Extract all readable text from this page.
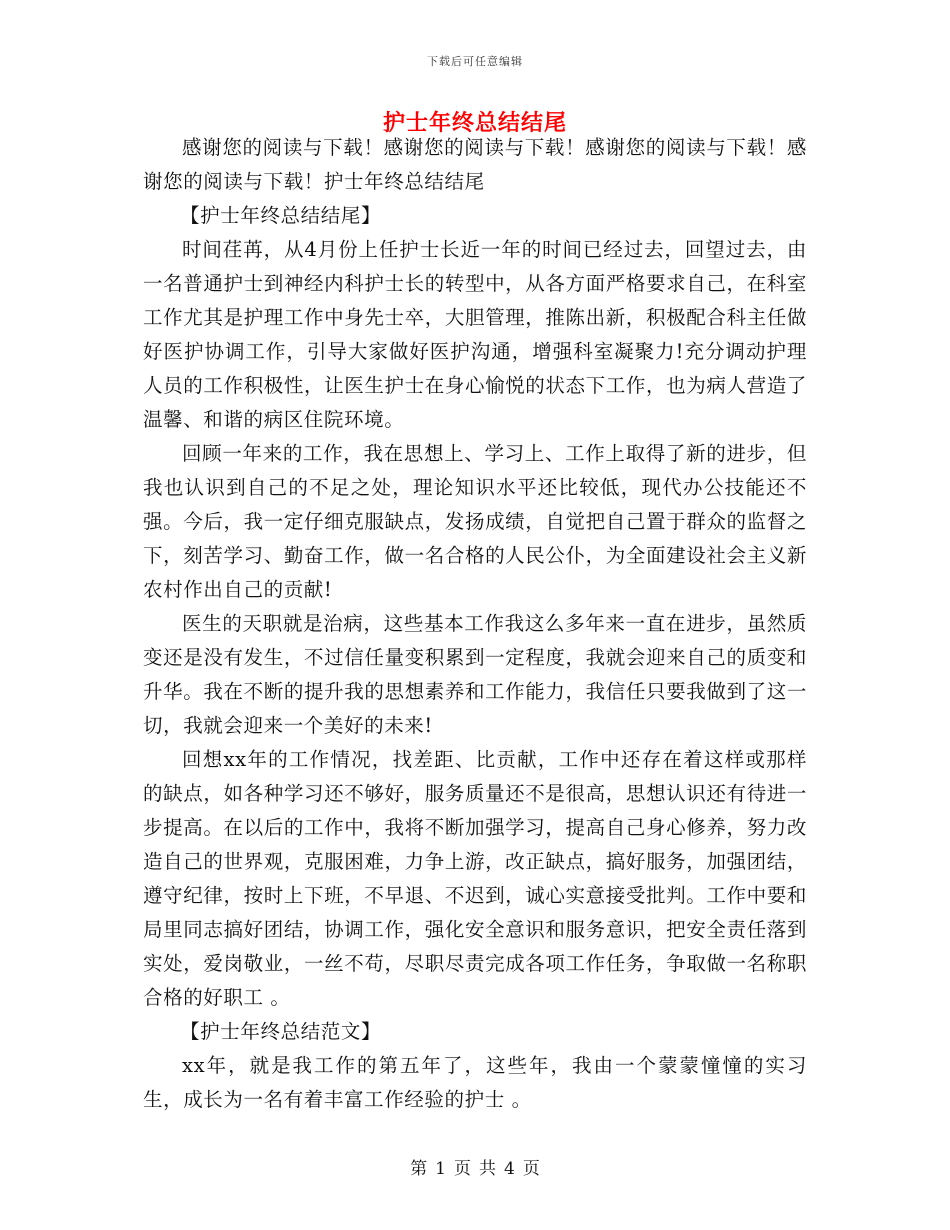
下载后可任意编辑
护士年终总结结尾

感谢您的阅读与下载！感谢您的阅读与下载！感谢您的阅读与下载！感谢您的阅读与下载！护士年终总结结尾

【护士年终总结结尾】

时间荏苒，从4月份上任护士长近一年的时间已经过去，回望过去，由一名普通护士到神经内科护士长的转型中，从各方面严格要求自己，在科室工作尤其是护理工作中身先士卒，大胆管理，推陈出新，积极配合科主任做好医护协调工作，引导大家做好医护沟通，增强科室凝聚力!充分调动护理人员的工作积极性，让医生护士在身心愉悦的状态下工作，也为病人营造了温馨、和谐的病区住院环境。

回顾一年来的工作，我在思想上、学习上、工作上取得了新的进步，但我也认识到自己的不足之处，理论知识水平还比较低，现代办公技能还不强。今后，我一定仔细克服缺点，发扬成绩，自觉把自己置于群众的监督之下，刻苦学习、勤奋工作，做一名合格的人民公仆，为全面建设社会主义新农村作出自己的贡献!

医生的天职就是治病，这些基本工作我这么多年来一直在进步，虽然质变还是没有发生，不过信任量变积累到一定程度，我就会迎来自己的质变和升华。我在不断的提升我的思想素养和工作能力，我信任只要我做到了这一切，我就会迎来一个美好的未来!

回想xx年的工作情况，找差距、比贡献，工作中还存在着这样或那样的缺点，如各种学习还不够好，服务质量还不是很高，思想认识还有待进一步提高。在以后的工作中，我将不断加强学习，提高自己身心修养，努力改造自己的世界观，克服困难，力争上游，改正缺点，搞好服务，加强团结，遵守纪律，按时上下班，不早退、不迟到，诚心实意接受批判。工作中要和局里同志搞好团结，协调工作，强化安全意识和服务意识，把安全责任落到实处，爱岗敬业，一丝不苟，尽职尽责完成各项工作任务，争取做一名称职合格的好职工 。

【护士年终总结范文】

xx年，就是我工作的第五年了，这些年，我由一个蒙蒙憧憧的实习生，成长为一名有着丰富工作经验的护士 。

第 1 页 共 4 页
